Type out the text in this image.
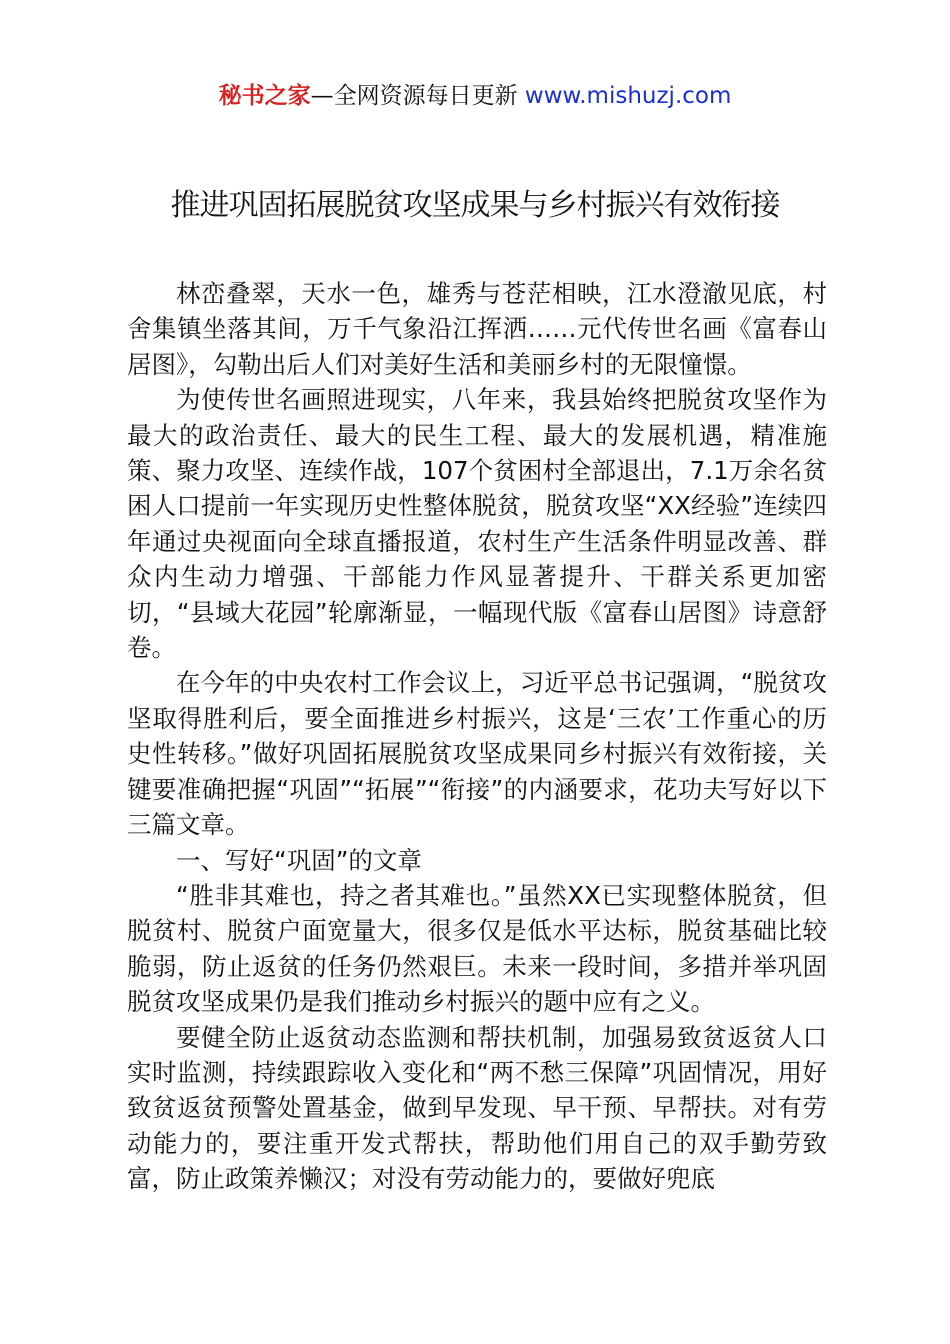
秘书之家—全网资源每日更新 www.mishuzj.com
推进巩固拓展脱贫攻坚成果与乡村振兴有效衔接

林峦叠翠，天水一色，雄秀与苍茫相映，江水澄澈见底，村舍集镇坐落其间，万千气象沿江挥洒……元代传世名画《富春山居图》，勾勒出后人们对美好生活和美丽乡村的无限憧憬。

为使传世名画照进现实，八年来，我县始终把脱贫攻坚作为最大的政治责任、最大的民生工程、最大的发展机遇，精准施策、聚力攻坚、连续作战，107个贫困村全部退出，7.1万余名贫困人口提前一年实现历史性整体脱贫，脱贫攻坚“XX经验”连续四年通过央视面向全球直播报道，农村生产生活条件明显改善、群众内生动力增强、干部能力作风显著提升、干群关系更加密切，“县域大花园”轮廓渐显，一幅现代版《富春山居图》诗意舒卷。

在今年的中央农村工作会议上，习近平总书记强调，“脱贫攻坚取得胜利后，要全面推进乡村振兴，这是‘三农’工作重心的历史性转移。”做好巩固拓展脱贫攻坚成果同乡村振兴有效衔接，关键要准确把握“巩固”“拓展”“衔接”的内涵要求，花功夫写好以下三篇文章。

一、写好“巩固”的文章

“胜非其难也，持之者其难也。”虽然XX已实现整体脱贫，但脱贫村、脱贫户面宽量大，很多仅是低水平达标，脱贫基础比较脆弱，防止返贫的任务仍然艰巨。未来一段时间，多措并举巩固脱贫攻坚成果仍是我们推动乡村振兴的题中应有之义。

要健全防止返贫动态监测和帮扶机制，加强易致贫返贫人口实时监测，持续跟踪收入变化和“两不愁三保障”巩固情况，用好致贫返贫预警处置基金，做到早发现、早干预、早帮扶。对有劳动能力的，要注重开发式帮扶，帮助他们用自己的双手勤劳致富，防止政策养懒汉；对没有劳动能力的，要做好兜底
